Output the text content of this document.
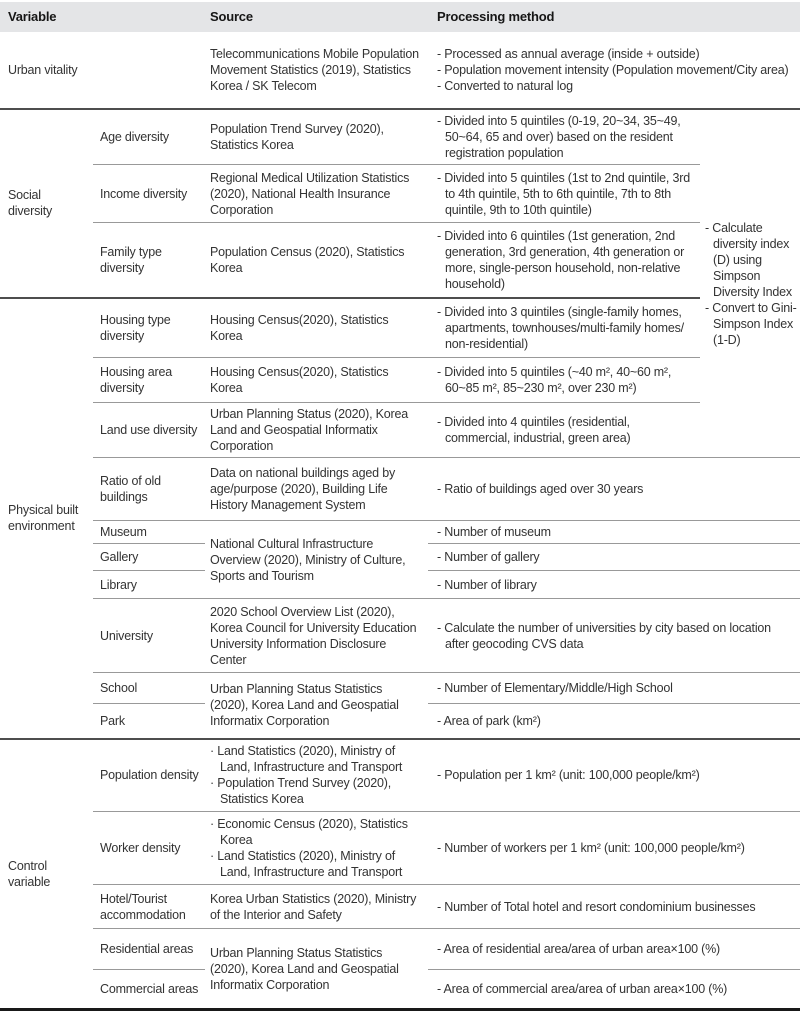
Variable		Source	Processing method	
Urban vitality		Telecommunications Mobile Population Movement Statistics (2019), Statistics Korea / SK Telecom	- Processed as annual average (inside + outside)
- Population movement intensity (Population movement/City area)
- Converted to natural log	

Social diversity	Age diversity	Population Trend Survey (2020), Statistics Korea	- Divided into 5 quintiles (0-19, 20~34, 35~49, 50~64, 65 and over) based on the resident registration population	- Calculate diversity index (D) using Simpson Diversity Index
- Convert to Gini-Simpson Index (1-D)

	Income diversity	Regional Medical Utilization Statistics (2020), National Health Insurance Corporation	- Divided into 5 quintiles (1st to 2nd quintile, 3rd to 4th quintile, 5th to 6th quintile, 7th to 8th quintile, 9th to 10th quintile)	

	Family type diversity	Population Census (2020), Statistics Korea	- Divided into 6 quintiles (1st generation, 2nd generation, 3rd generation, 4th generation or more, single-person household, non-relative household)	

Physical built environment	Housing type diversity	Housing Census(2020), Statistics Korea	- Divided into 3 quintiles (single-family homes, apartments, townhouses/multi-family homes/ non-residential)	

	Housing area diversity	Housing Census(2020), Statistics Korea	- Divided into 5 quintiles (~40 m², 40~60 m², 60~85 m², 85~230 m², over 230 m²)	

	Land use diversity	Urban Planning Status (2020), Korea Land and Geospatial Informatix Corporation	- Divided into 4 quintiles (residential, commercial, industrial, green area)	

	Ratio of old buildings	Data on national buildings aged by age/purpose (2020), Building Life History Management System	- Ratio of buildings aged over 30 years	

	Museum	National Cultural Infrastructure Overview (2020), Ministry of Culture, Sports and Tourism	- Number of museum	

	Gallery		- Number of gallery	

	Library		- Number of library	

	University	2020 School Overview List (2020), Korea Council for University Education University Information Disclosure Center	- Calculate the number of universities by city based on location after geocoding CVS data	

	School	Urban Planning Status Statistics (2020), Korea Land and Geospatial Informatix Corporation	- Number of Elementary/Middle/High School	

	Park		- Area of park (km²)	

Control variable	Population density	· Land Statistics (2020), Ministry of Land, Infrastructure and Transport
· Population Trend Survey (2020), Statistics Korea	- Population per 1 km² (unit: 100,000 people/km²)	

	Worker density	· Economic Census (2020), Statistics Korea
· Land Statistics (2020), Ministry of Land, Infrastructure and Transport	- Number of workers per 1 km² (unit: 100,000 people/km²)	

	Hotel/Tourist accommodation	Korea Urban Statistics (2020), Ministry of the Interior and Safety	- Number of Total hotel and resort condominium businesses	

	Residential areas	Urban Planning Status Statistics (2020), Korea Land and Geospatial Informatix Corporation	- Area of residential area/area of urban area×100 (%)	

	Commercial areas		- Area of commercial area/area of urban area×100 (%)	
